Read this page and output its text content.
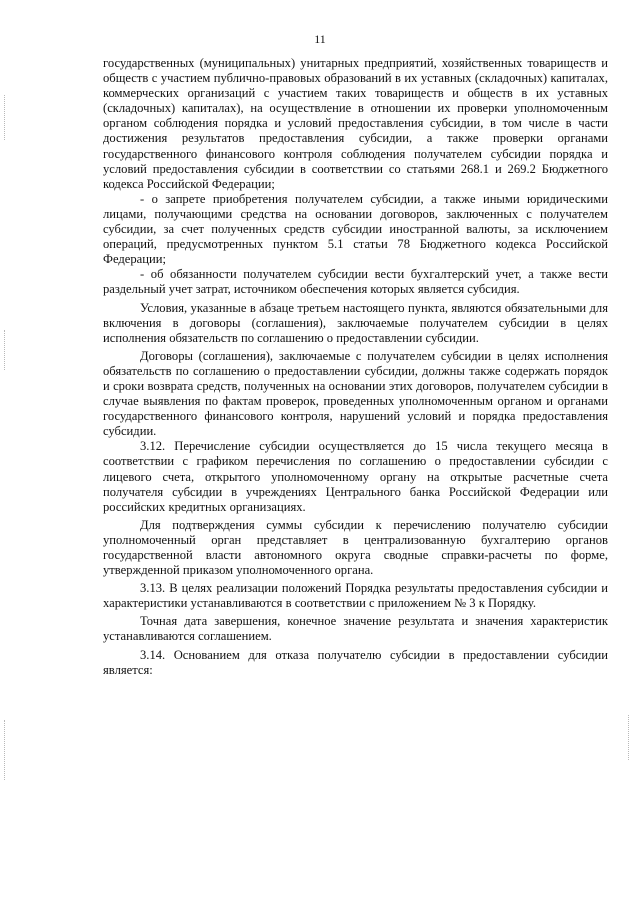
11

государственных (муниципальных) унитарных предприятий, хозяйственных товариществ и обществ с участием публично-правовых образований в их уставных (складочных) капиталах, коммерческих организаций с участием таких товариществ и обществ в их уставных (складочных) капиталах), на осуществление в отношении их проверки уполномоченным органом соблюдения порядка и условий предоставления субсидии, в том числе в части достижения результатов предоставления субсидии, а также проверки органами государственного финансового контроля соблюдения получателем субсидии порядка и условий предоставления субсидии в соответствии со статьями 268.1 и 269.2 Бюджетного кодекса Российской Федерации;

- о запрете приобретения получателем субсидии, а также иными юридическими лицами, получающими средства на основании договоров, заключенных с получателем субсидии, за счет полученных средств субсидии иностранной валюты, за исключением операций, предусмотренных пунктом 5.1 статьи 78 Бюджетного кодекса Российской Федерации;

- об обязанности получателем субсидии вести бухгалтерский учет, а также вести раздельный учет затрат, источником обеспечения которых является субсидия.

Условия, указанные в абзаце третьем настоящего пункта, являются обязательными для включения в договоры (соглашения), заключаемые получателем субсидии в целях исполнения обязательств по соглашению о предоставлении субсидии.

Договоры (соглашения), заключаемые с получателем субсидии в целях исполнения обязательств по соглашению о предоставлении субсидии, должны также содержать порядок и сроки возврата средств, полученных на основании этих договоров, получателем субсидии в случае выявления по фактам проверок, проведенных уполномоченным органом и органами государственного финансового контроля, нарушений условий и порядка предоставления субсидии.

3.12. Перечисление субсидии осуществляется до 15 числа текущего месяца в соответствии с графиком перечисления по соглашению о предоставлении субсидии с лицевого счета, открытого уполномоченному органу на открытые расчетные счета получателя субсидии в учреждениях Центрального банка Российской Федерации или российских кредитных организациях.

Для подтверждения суммы субсидии к перечислению получателю субсидии уполномоченный орган представляет в централизованную бухгалтерию органов государственной власти автономного округа сводные справки-расчеты по форме, утвержденной приказом уполномоченного органа.

3.13. В целях реализации положений Порядка результаты предоставления субсидии и характеристики устанавливаются в соответствии с приложением № 3 к Порядку.

Точная дата завершения, конечное значение результата и значения характеристик устанавливаются соглашением.

3.14. Основанием для отказа получателю субсидии в предоставлении субсидии является:
